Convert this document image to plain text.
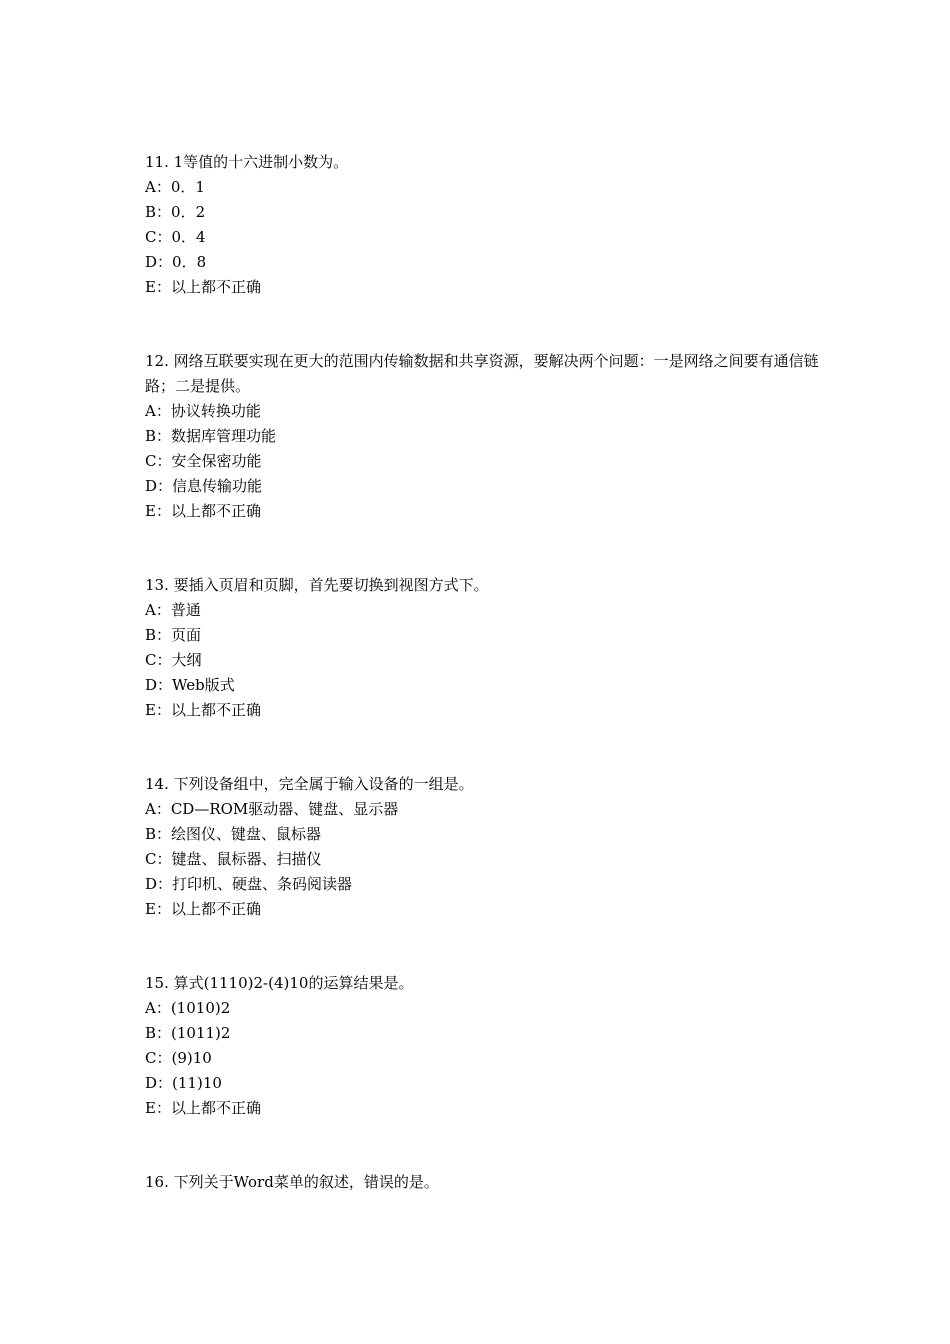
11. 1等值的十六进制小数为。

A：0．1

B：0．2

C：0．4

D：0．8

E：以上都不正确

12. 网络互联要实现在更大的范围内传输数据和共享资源，要解决两个问题：一是网络之间要有通信链路；二是提供。

A：协议转换功能

B：数据库管理功能

C：安全保密功能

D：信息传输功能

E：以上都不正确

13. 要插入页眉和页脚，首先要切换到视图方式下。

A：普通

B：页面

C：大纲

D：Web版式

E：以上都不正确

14. 下列设备组中，完全属于输入设备的一组是。

A：CD—ROM驱动器、键盘、显示器

B：绘图仪、键盘、鼠标器

C：键盘、鼠标器、扫描仪

D：打印机、硬盘、条码阅读器

E：以上都不正确

15. 算式(1110)2-(4)10的运算结果是。

A：(1010)2

B：(1011)2

C：(9)10

D：(11)10

E：以上都不正确

16. 下列关于Word菜单的叙述，错误的是。
